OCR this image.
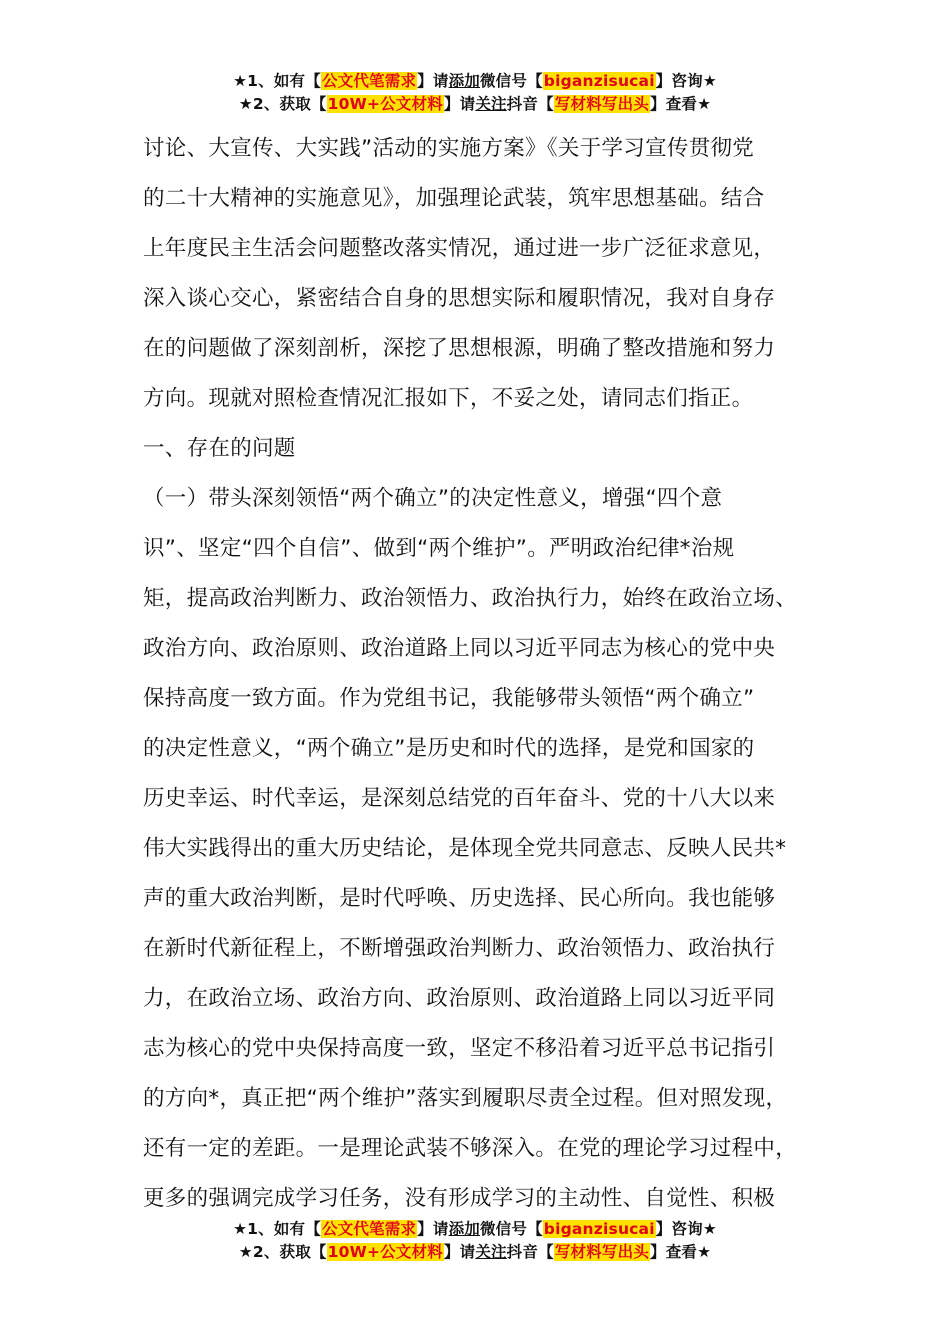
★1、如有【公文代笔需求】请添加微信号【biganzisucai】咨询★
★2、获取【10W+公文材料】请关注抖音【写材料写出头】查看★
讨论、大宣传、大实践”活动的实施方案》《关于学习宣传贯彻党
的二十大精神的实施意见》，加强理论武装，筑牢思想基础。结合
上年度民主生活会问题整改落实情况，通过进一步广泛征求意见，
深入谈心交心，紧密结合自身的思想实际和履职情况，我对自身存
在的问题做了深刻剖析，深挖了思想根源，明确了整改措施和努力
方向。现就对照检查情况汇报如下，不妥之处，请同志们指正。
一、存在的问题
（一）带头深刻领悟“两个确立”的决定性意义，增强“四个意
识”、坚定“四个自信”、做到“两个维护”。严明政治纪律*治规
矩，提高政治判断力、政治领悟力、政治执行力，始终在政治立场、
政治方向、政治原则、政治道路上同以习近平同志为核心的党中央
保持高度一致方面。作为党组书记，我能够带头领悟“两个确立”
的决定性意义，“两个确立”是历史和时代的选择，是党和国家的
历史幸运、时代幸运，是深刻总结党的百年奋斗、党的十八大以来
伟大实践得出的重大历史结论，是体现全党共同意志、反映人民共*
声的重大政治判断，是时代呼唤、历史选择、民心所向。我也能够
在新时代新征程上，不断增强政治判断力、政治领悟力、政治执行
力，在政治立场、政治方向、政治原则、政治道路上同以习近平同
志为核心的党中央保持高度一致，坚定不移沿着习近平总书记指引
的方向*，真正把“两个维护”落实到履职尽责全过程。但对照发现，
还有一定的差距。一是理论武装不够深入。在党的理论学习过程中，
更多的强调完成学习任务，没有形成学习的主动性、自觉性、积极
★1、如有【公文代笔需求】请添加微信号【biganzisucai】咨询★
★2、获取【10W+公文材料】请关注抖音【写材料写出头】查看★
